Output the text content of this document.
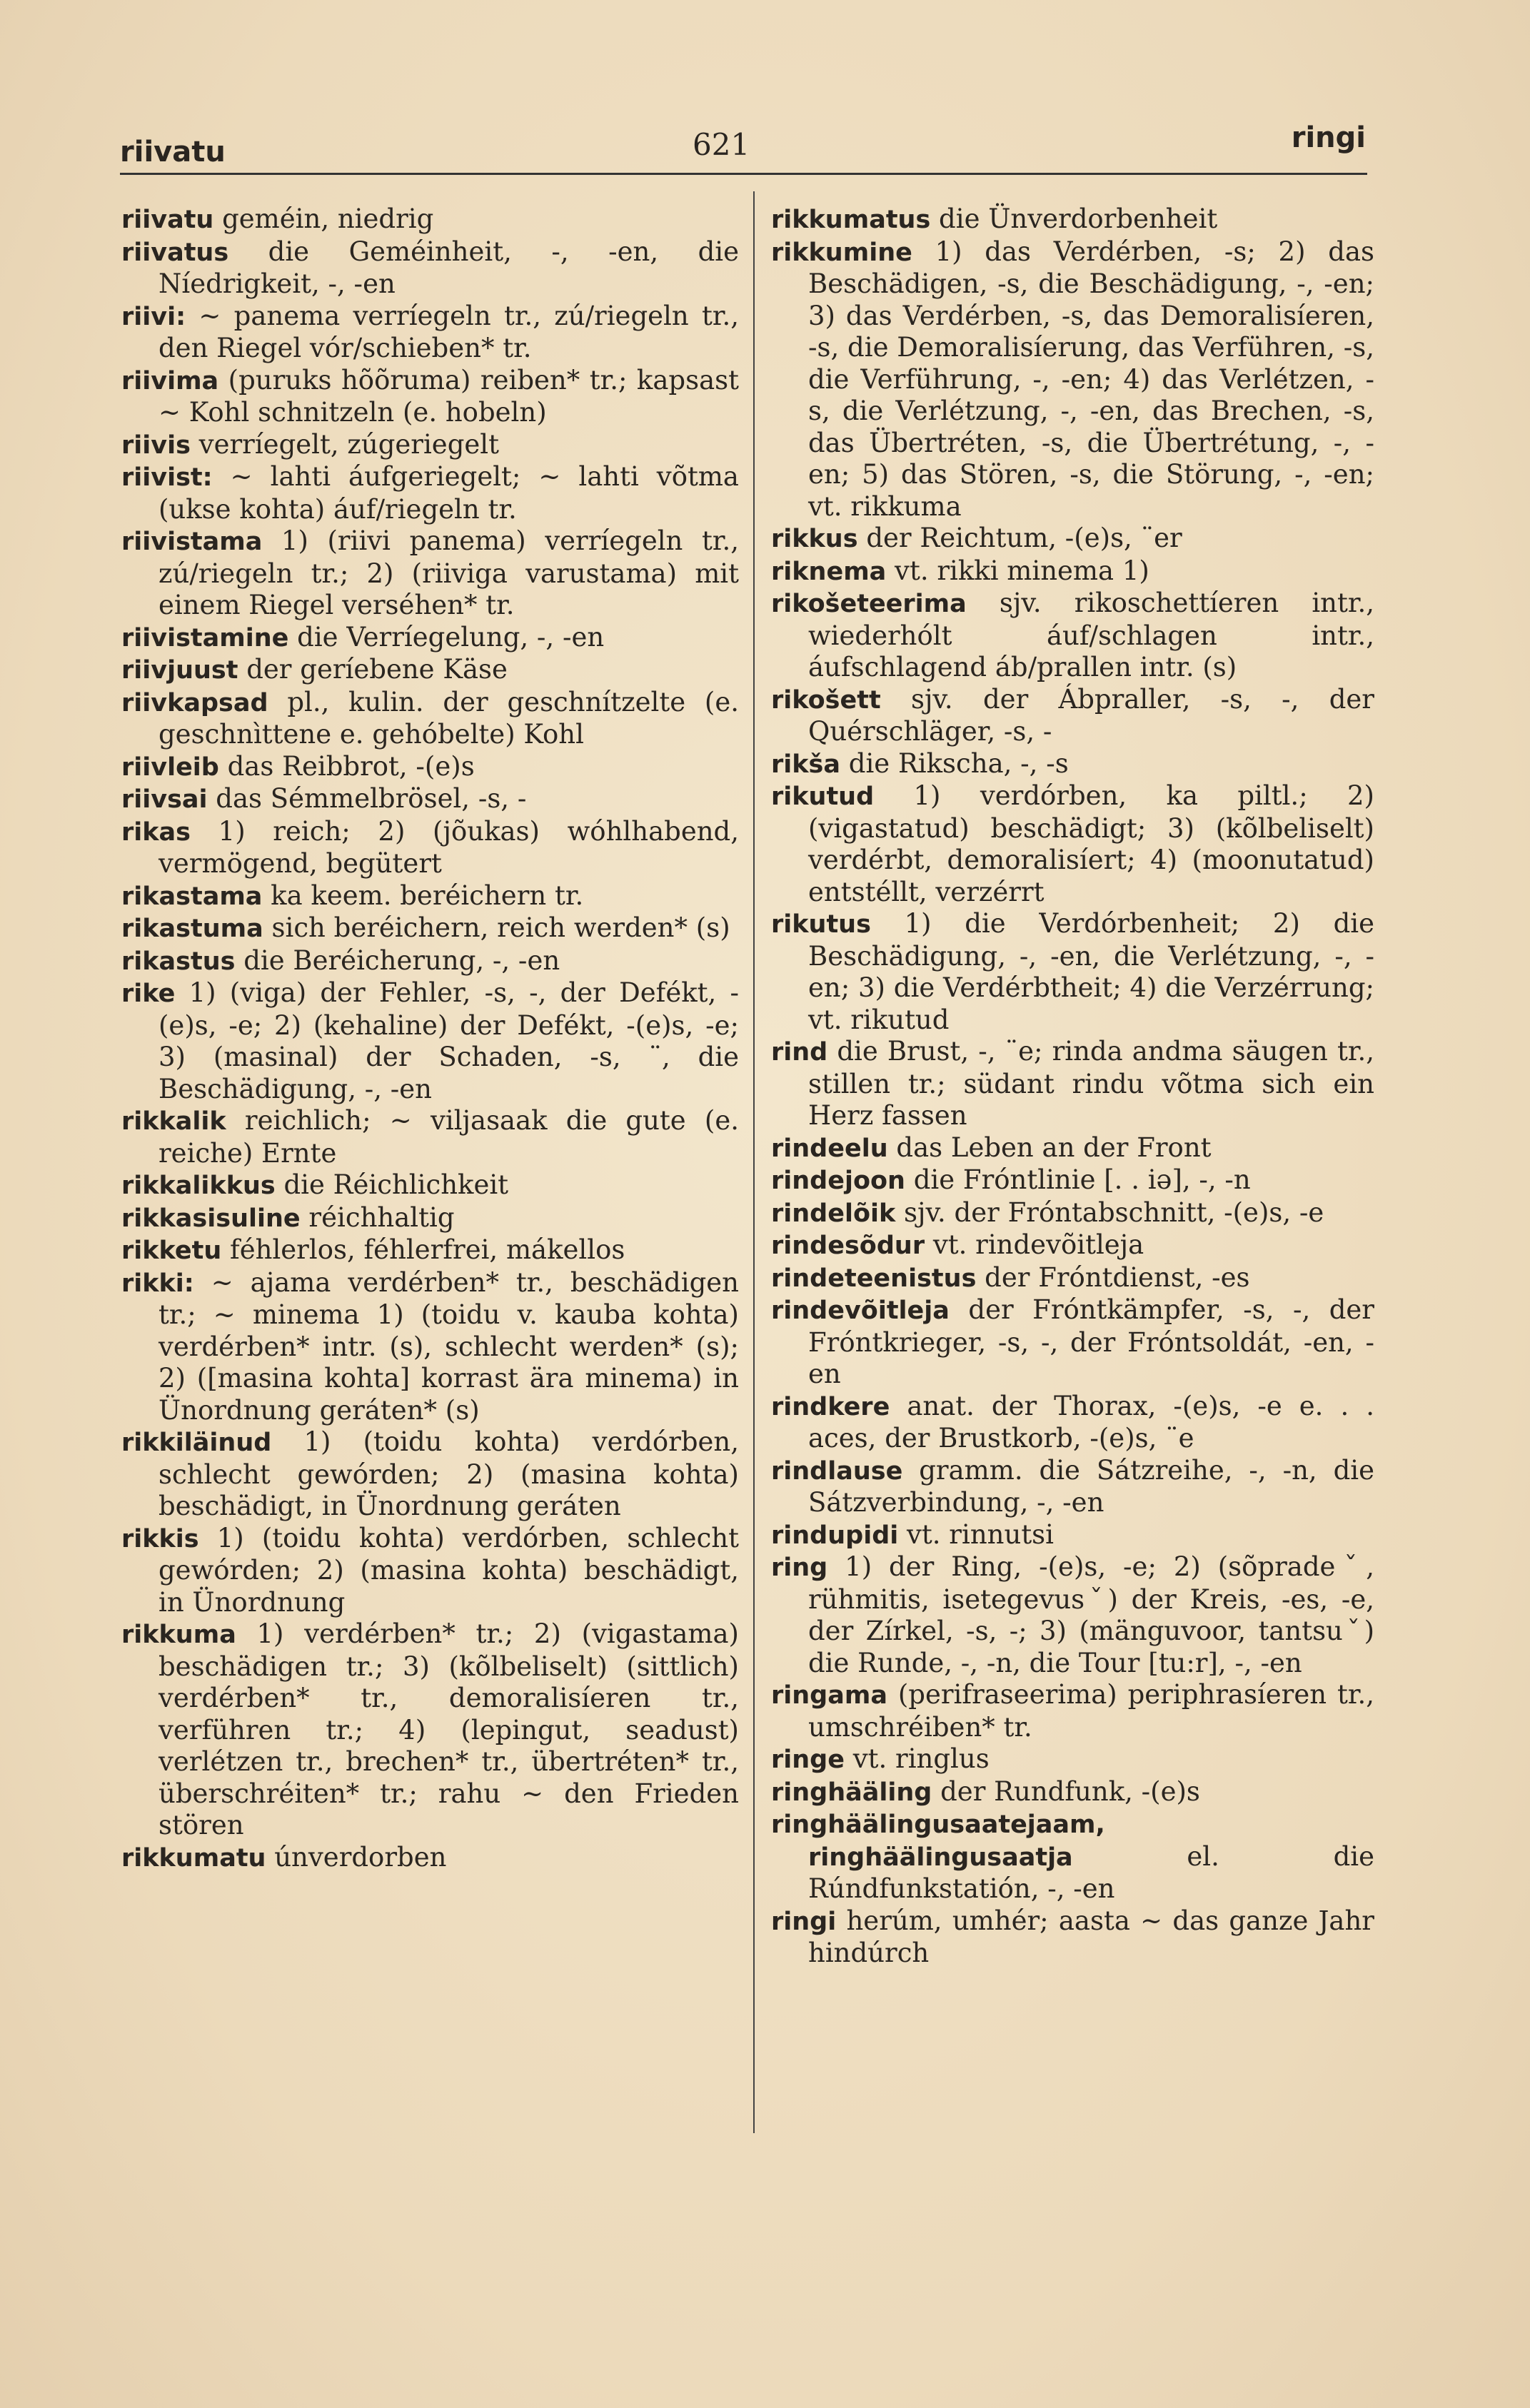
riivatu	621	ringi

riivatu geméin, niedrig

riivatus die Geméinheit, -, -en, die Níedrigkeit, -, -en

riivi: ~ panema verríegeln tr., zú/riegeln tr., den Riegel vór/schieben* tr.

riivima (puruks hõõruma) reiben* tr.; kapsast ~ Kohl schnitzeln (e. hobeln)

riivis verríegelt, zúgeriegelt

riivist: ~ lahti áufgeriegelt; ~ lahti võtma (ukse kohta) áuf/riegeln tr.

riivistama 1) (riivi panema) verríegeln tr., zú/riegeln tr.; 2) (riiviga varustama) mit einem Riegel verséhen* tr.

riivistamine die Verríegelung, -, -en

riivjuust der geríebene Käse

riivkapsad pl., kulin. der geschnítzelte (e. geschnìttene e. gehóbelte) Kohl

riivleib das Reibbrot, -(e)s

riivsai das Sémmelbrösel, -s, -

rikas 1) reich; 2) (jõukas) wóhlhabend, vermögend, begütert

rikastama ka keem. beréichern tr.

rikastuma sich beréichern, reich werden* (s)

rikastus die Beréicherung, -, -en

rike 1) (viga) der Fehler, -s, -, der Defékt, -(e)s, -e; 2) (kehaline) der Defékt, -(e)s, -e; 3) (masinal) der Schaden, -s, ¨, die Beschädigung, -, -en

rikkalik reichlich; ~ viljasaak die gute (e. reiche) Ernte

rikkalikkus die Réichlichkeit

rikkasisuline réichhaltig

rikketu féhlerlos, féhlerfrei, mákellos

rikki: ~ ajama verdérben* tr., beschädigen tr.; ~ minema 1) (toidu v. kauba kohta) verdérben* intr. (s), schlecht werden* (s); 2) ([masina kohta] korrast ära minema) in Ünordnung geráten* (s)

rikkiläinud 1) (toidu kohta) verdórben, schlecht gewórden; 2) (masina kohta) beschädigt, in Ünordnung geráten

rikkis 1) (toidu kohta) verdórben, schlecht gewórden; 2) (masina kohta) beschädigt, in Ünordnung

rikkuma 1) verdérben* tr.; 2) (vigastama) beschädigen tr.; 3) (kõlbeliselt) (sittlich) verdérben* tr., demoralisíeren tr., verführen tr.; 4) (lepingut, seadust) verlétzen tr., brechen* tr., übertréten* tr., überschréiten* tr.; rahu ~ den Frieden stören

rikkumatu únverdorben

rikkumatus die Ünverdorbenheit

rikkumine 1) das Verdérben, -s; 2) das Beschädigen, -s, die Beschädigung, -, -en; 3) das Verdérben, -s, das Demoralisíeren, -s, die Demoralisíerung, das Verführen, -s, die Verführung, -, -en; 4) das Verlétzen, -s, die Verlétzung, -, -en, das Brechen, -s, das Übertréten, -s, die Übertrétung, -, -en; 5) das Stören, -s, die Störung, -, -en; vt. rikkuma

rikkus der Reichtum, -(e)s, ¨er

riknema vt. rikki minema 1)

rikošeteerima sjv. rikoschettíeren intr., wiederhólt áuf/schlagen intr., áufschlagend áb/prallen intr. (s)

rikošett sjv. der Ábpraller, -s, -, der Quérschläger, -s, -

rikša die Rikscha, -, -s

rikutud 1) verdórben, ka piltl.; 2) (vigastatud) beschädigt; 3) (kõlbeliselt) verdérbt, demoralisíert; 4) (moonutatud) entstéllt, verzérrt

rikutus 1) die Verdórbenheit; 2) die Beschädigung, -, -en, die Verlétzung, -, -en; 3) die Verdérbtheit; 4) die Verzérrung; vt. rikutud

rind die Brust, -, ¨e; rinda andma säugen tr., stillen tr.; südant rindu võtma sich ein Herz fassen

rindeelu das Leben an der Front

rindejoon die Fróntlinie [. . iə], -, -n

rindelõik sjv. der Fróntabschnitt, -(e)s, -e

rindesõdur vt. rindevõitleja

rindeteenistus der Fróntdienst, -es

rindevõitleja der Fróntkämpfer, -s, -, der Fróntkrieger, -s, -, der Fróntsoldát, -en, -en

rindkere anat. der Thorax, -(e)s, -e e. . . aces, der Brustkorb, -(e)s, ¨e

rindlause gramm. die Sátzreihe, -, -n, die Sátzverbindung, -, -en

rindupidi vt. rinnutsi

ring 1) der Ring, -(e)s, -e; 2) (sõpradeˇ, rühmitis, isetegevusˇ) der Kreis, -es, -e, der Zírkel, -s, -; 3) (mänguvoor, tantsuˇ) die Runde, -, -n, die Tour [tu:r], -, -en

ringama (perifraseerima) periphrasíeren tr., umschréiben* tr.

ringe vt. ringlus

ringhääling der Rundfunk, -(e)s

ringhäälingusaatejaam, ringhäälingusaatja el. die Rúndfunkstatión, -, -en

ringi herúm, umhér; aasta ~ das ganze Jahr hindúrch
